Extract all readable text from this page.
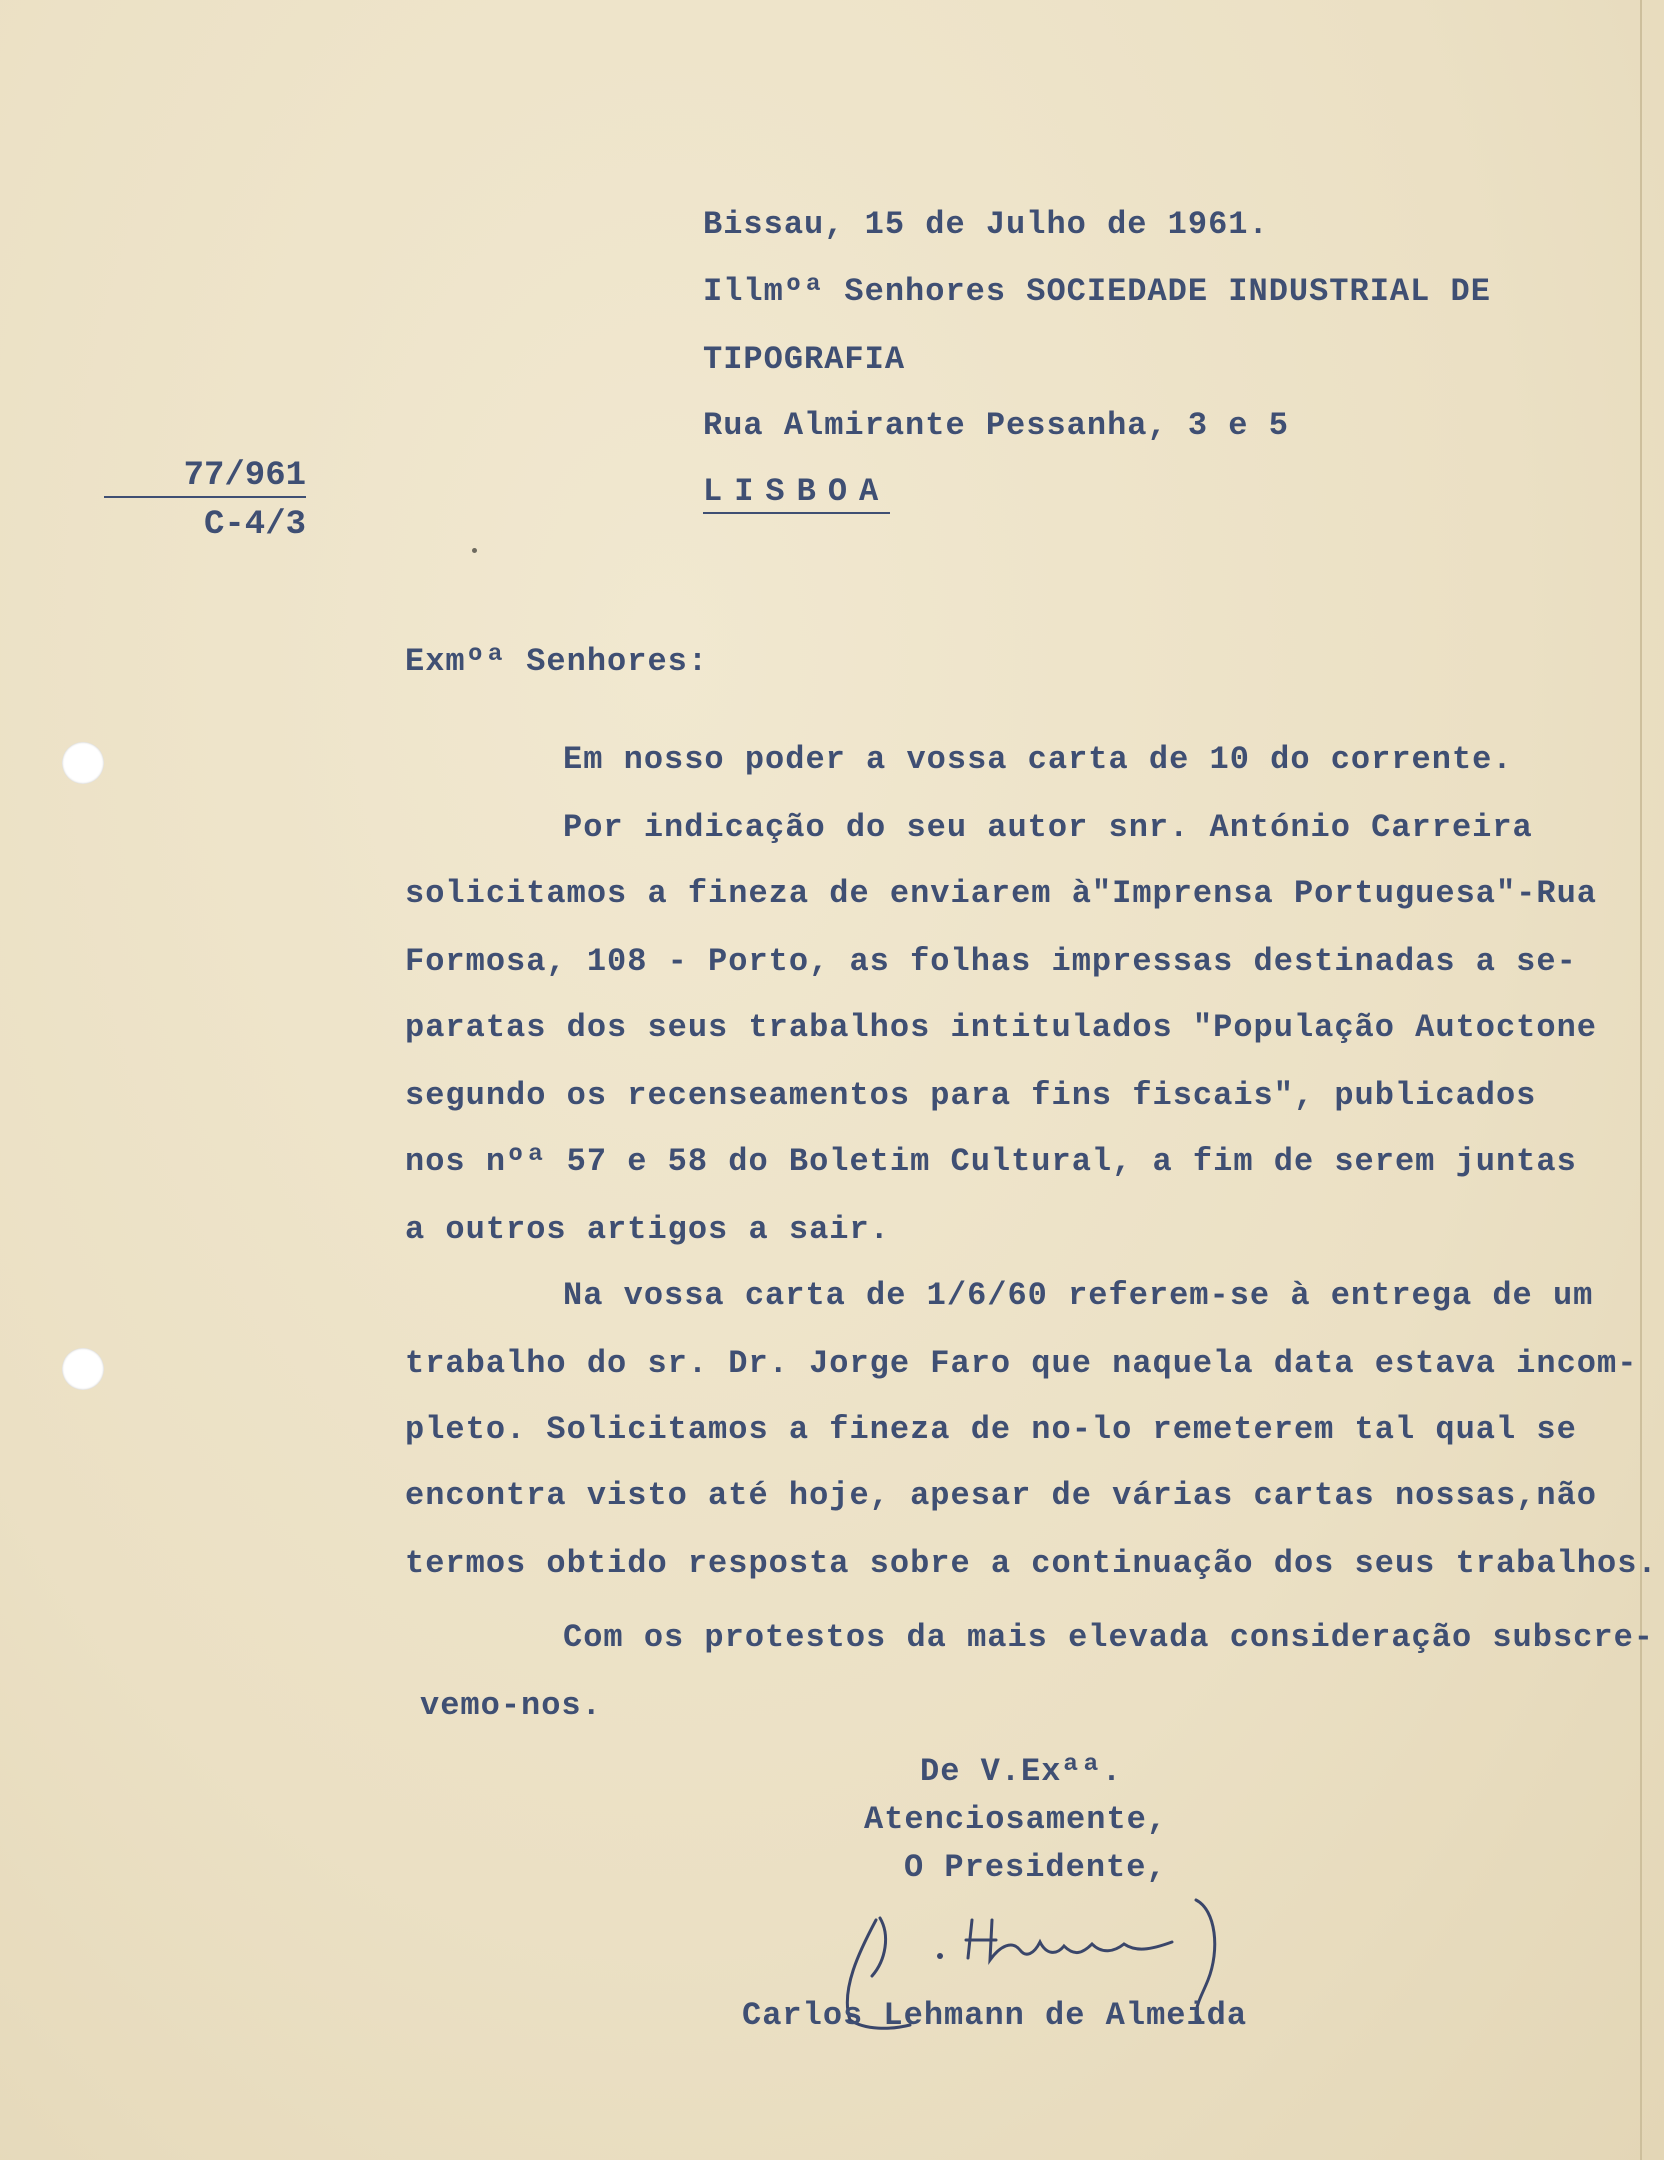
77/961
C-4/3
Bissau, 15 de Julho de 1961.
Illmºª Senhores SOCIEDADE INDUSTRIAL DE
TIPOGRAFIA
Rua Almirante Pessanha, 3 e 5
LISBOA
Exmºª Senhores:
Em nosso poder a vossa carta de 10 do corrente.
Por indicação do seu autor snr. António Carreira
solicitamos a fineza de enviarem à"Imprensa Portuguesa"-Rua
Formosa, 108 - Porto, as folhas impressas destinadas a se-
paratas dos seus trabalhos intitulados "População Autoctone
segundo os recenseamentos para fins fiscais", publicados
nos nºª 57 e 58 do Boletim Cultural, a fim de serem juntas
a outros artigos a sair.
Na vossa carta de 1/6/60 referem-se à entrega de um
trabalho do sr. Dr. Jorge Faro que naquela data estava incom-
pleto. Solicitamos a fineza de no-lo remeterem tal qual se
encontra visto até hoje, apesar de várias cartas nossas,não
termos obtido resposta sobre a continuação dos seus trabalhos.
Com os protestos da mais elevada consideração subscre-
vemo-nos.
De V.Exªª.
Atenciosamente,
O Presidente,
Carlos Lehmann de Almeida
